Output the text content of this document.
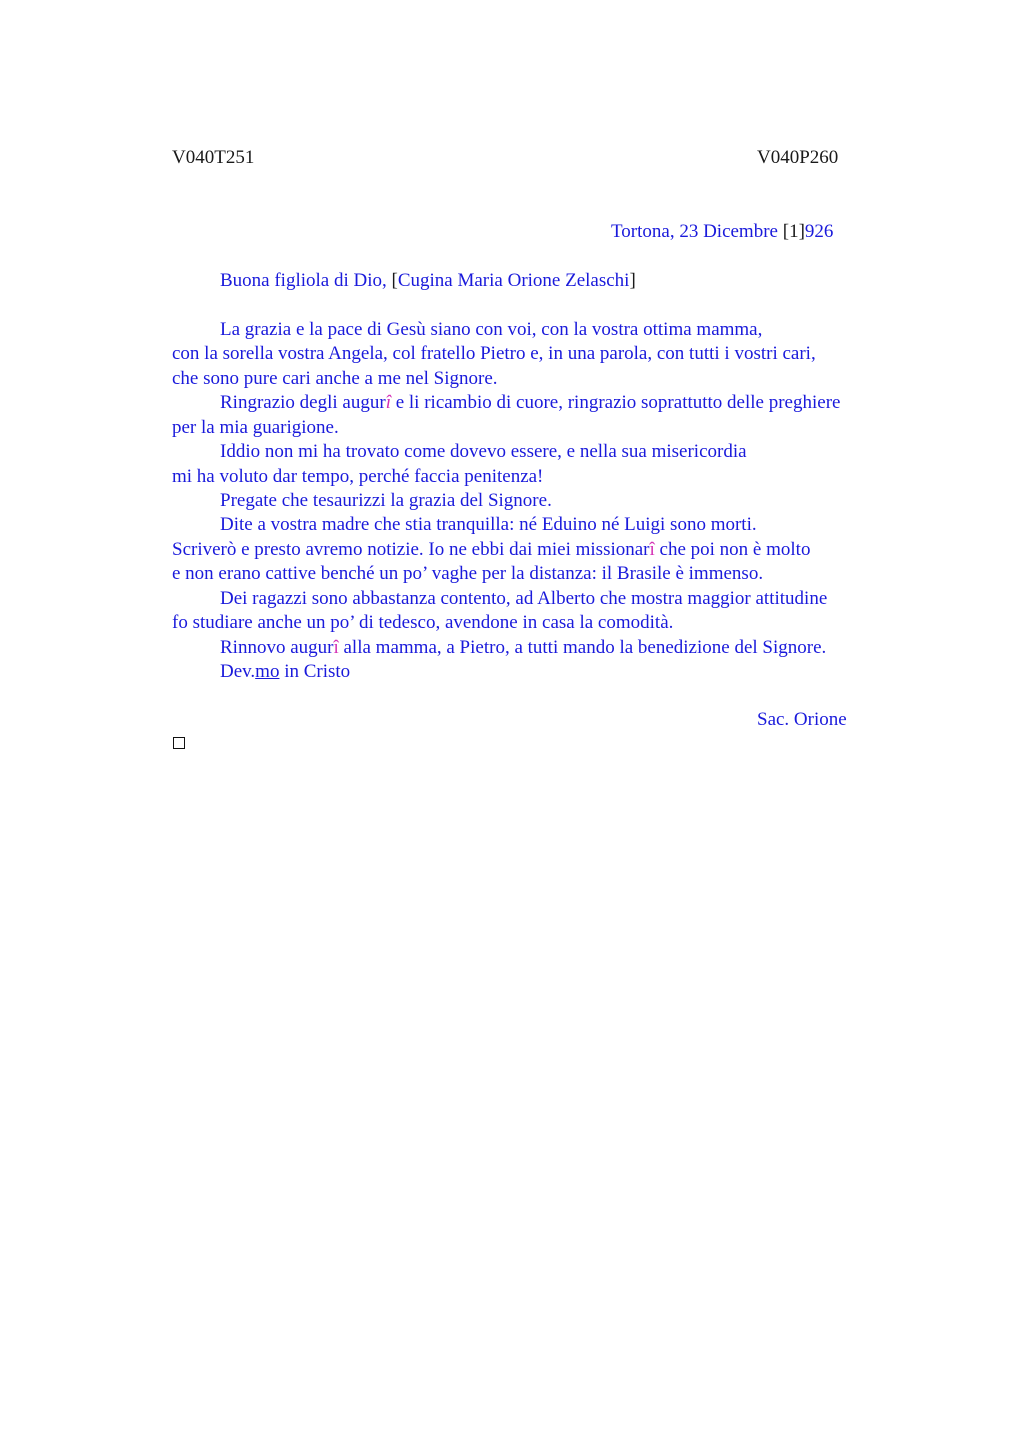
V040T251	V040P260
Tortona, 23 Dicembre [1]926
Buona figliola di Dio, [Cugina Maria Orione Zelaschi]
La grazia e la pace di Gesù siano con voi, con la vostra ottima mamma,
con la sorella vostra Angela, col fratello Pietro e, in una parola, con tutti i vostri cari,
che sono pure cari anche a me nel Signore.
Ringrazio degli augurî e li ricambio di cuore, ringrazio soprattutto delle preghiere
per la mia guarigione.
Iddio non mi ha trovato come dovevo essere, e nella sua misericordia
mi ha voluto dar tempo, perché faccia penitenza!
Pregate che tesaurizzi la grazia del Signore.
Dite a vostra madre che stia tranquilla: né Eduino né Luigi sono morti.
Scriverò e presto avremo notizie. Io ne ebbi dai miei missionarî che poi non è molto
e non erano cattive benché un po’ vaghe per la distanza: il Brasile è immenso.
Dei ragazzi sono abbastanza contento, ad Alberto che mostra maggior attitudine
fo studiare anche un po’ di tedesco, avendone in casa la comodità.
Rinnovo augurî alla mamma, a Pietro, a tutti mando la benedizione del Signore.
Dev.mo in Cristo
Sac. Orione
